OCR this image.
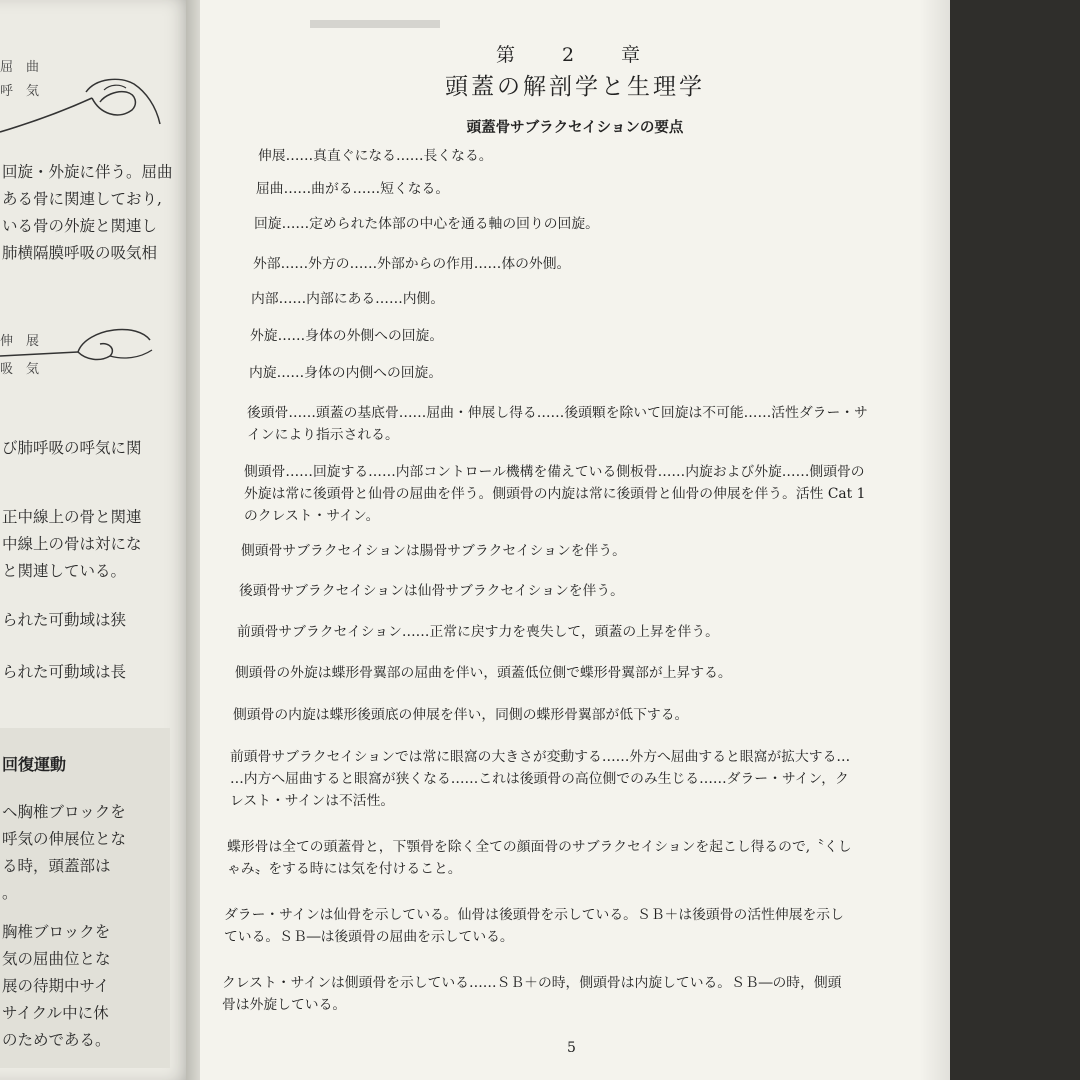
屈　曲
呼　気
回旋・外旋に伴う。屈曲
ある骨に関連しており,
いる骨の外旋と関連し
肺横隔膜呼吸の吸気相
伸　展
吸　気
び肺呼吸の呼気に関
正中線上の骨と関連
中線上の骨は対にな
と関連している。
られた可動域は狭
られた可動域は長
回復運動
ヘ胸椎ブロックを
呼気の伸展位とな
る時，頭蓋部は
。
胸椎ブロックを
気の屈曲位とな
展の待期中サイ
サイクル中に休
のためである。
第　2　章
頭蓋の解剖学と生理学
頭蓋骨サブラクセイションの要点
伸展……真直ぐになる……長くなる。
屈曲……曲がる……短くなる。
回旋……定められた体部の中心を通る軸の回りの回旋。
外部……外方の……外部からの作用……体の外側。
内部……内部にある……内側。
外旋……身体の外側への回旋。
内旋……身体の内側への回旋。
後頭骨……頭蓋の基底骨……屈曲・伸展し得る……後頭顆を除いて回旋は不可能……活性ダラー・サ
インにより指示される。
側頭骨……回旋する……内部コントロール機構を備えている側板骨……内旋および外旋……側頭骨の
外旋は常に後頭骨と仙骨の屈曲を伴う。側頭骨の内旋は常に後頭骨と仙骨の伸展を伴う。活性 Cat 1
のクレスト・サイン。
側頭骨サブラクセイションは腸骨サブラクセイションを伴う。
後頭骨サブラクセイションは仙骨サブラクセイションを伴う。
前頭骨サブラクセイション……正常に戻す力を喪失して，頭蓋の上昇を伴う。
側頭骨の外旋は蝶形骨翼部の屈曲を伴い，頭蓋低位側で蝶形骨翼部が上昇する。
側頭骨の内旋は蝶形後頭底の伸展を伴い，同側の蝶形骨翼部が低下する。
前頭骨サブラクセイションでは常に眼窩の大きさが変動する……外方へ屈曲すると眼窩が拡大する…
…内方へ屈曲すると眼窩が狭くなる……これは後頭骨の高位側でのみ生じる……ダラー・サイン，ク
レスト・サインは不活性。
蝶形骨は全ての頭蓋骨と，下顎骨を除く全ての顔面骨のサブラクセイションを起こし得るので,〝くし
ゃみ〟をする時には気を付けること。
ダラー・サインは仙骨を示している。仙骨は後頭骨を示している。ＳＢ＋は後頭骨の活性伸展を示し
ている。ＳＢ―は後頭骨の屈曲を示している。
クレスト・サインは側頭骨を示している……ＳＢ＋の時，側頭骨は内旋している。ＳＢ―の時，側頭
骨は外旋している。
5
